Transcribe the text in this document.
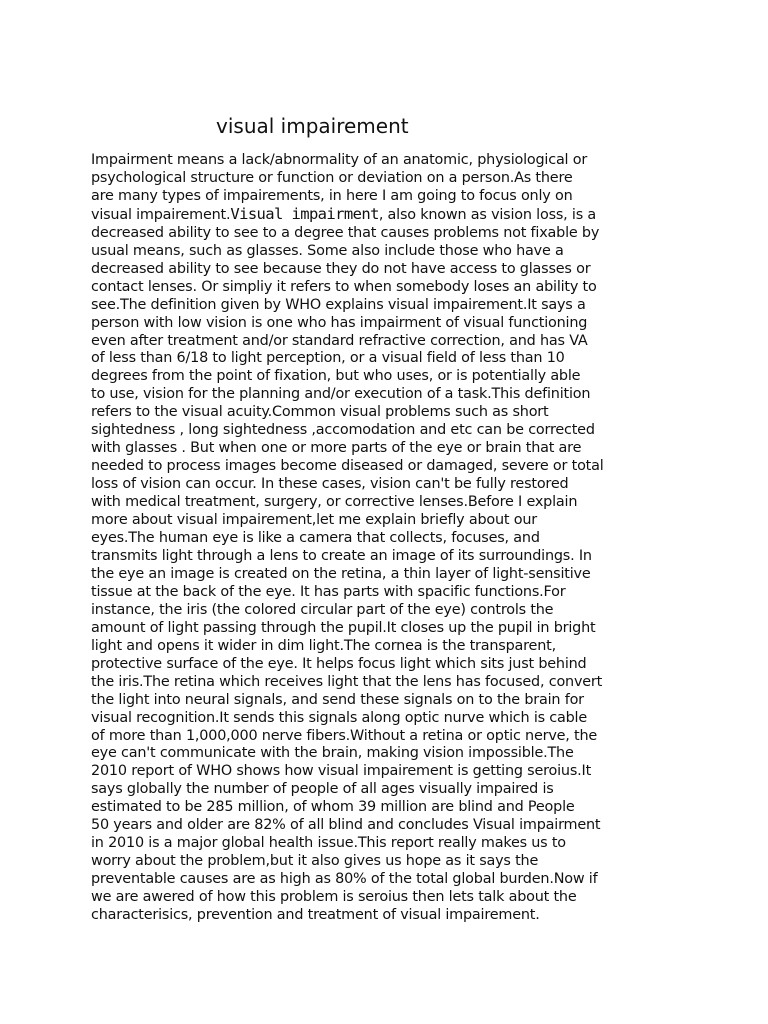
visual impairement
Impairment means a lack/abnormality of an anatomic, physiological or
psychological structure or function or deviation on a person.As there
are many types of impairements, in here I am going to focus only on
visual impairement.Visual impairment, also known as vision loss, is a
decreased ability to see to a degree that causes problems not fixable by
usual means, such as glasses. Some also include those who have a
decreased ability to see because they do not have access to glasses or
contact lenses. Or simpliy it refers to when somebody loses an ability to
see.The definition given by WHO explains visual impairement.It says a
person with low vision is one who has impairment of visual functioning
even after treatment and/or standard refractive correction, and has VA
of less than 6/18 to light perception, or a visual field of less than 10
degrees from the point of fixation, but who uses, or is potentially able
to use, vision for the planning and/or execution of a task.This definition
refers to the visual acuity.Common visual problems such as short
sightedness , long sightedness ,accomodation and etc can be corrected
with glasses . But when one or more parts of the eye or brain that are
needed to process images become diseased or damaged, severe or total
loss of vision can occur. In these cases, vision can't be fully restored
with medical treatment, surgery, or corrective lenses.Before I explain
more about visual impairement,let me explain briefly about our
eyes.The human eye is like a camera that collects, focuses, and
transmits light through a lens to create an image of its surroundings. In
the eye an image is created on the retina, a thin layer of light-sensitive
tissue at the back of the eye. It has parts with spacific functions.For
instance, the iris (the colored circular part of the eye) controls the
amount of light passing through the pupil.It closes up the pupil in bright
light and opens it wider in dim light.The cornea is the transparent,
protective surface of the eye. It helps focus light which sits just behind
the iris.The retina which receives light that the lens has focused, convert
the light into neural signals, and send these signals on to the brain for
visual recognition.It sends this signals along optic nurve which is cable
of more than 1,000,000 nerve fibers.Without a retina or optic nerve, the
eye can't communicate with the brain, making vision impossible.The
2010 report of WHO shows how visual impairement is getting seroius.It
says globally the number of people of all ages visually impaired is
estimated to be 285 million, of whom 39 million are blind and People
50 years and older are 82% of all blind and concludes Visual impairment
in 2010 is a major global health issue.This report really makes us to
worry about the problem,but it also gives us hope as it says the
preventable causes are as high as 80% of the total global burden.Now if
we are awered of how this problem is seroius then lets talk about the
characterisics, prevention and treatment of visual impairement.
